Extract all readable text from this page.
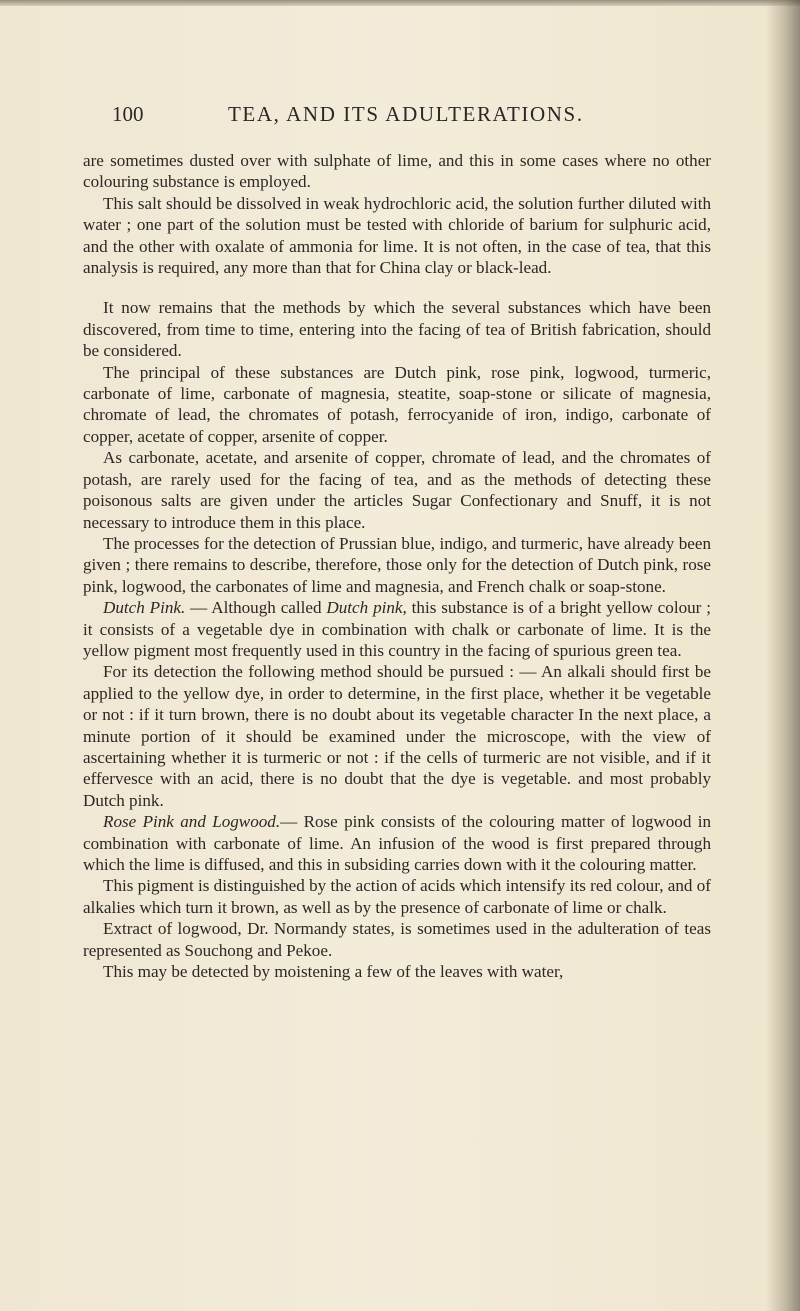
100	TEA, AND ITS ADULTERATIONS.

are sometimes dusted over with sulphate of lime, and this in some cases where no other colouring substance is employed.

This salt should be dissolved in weak hydrochloric acid, the solution further diluted with water ; one part of the solution must be tested with chloride of barium for sulphuric acid, and the other with oxalate of ammonia for lime. It is not often, in the case of tea, that this analysis is required, any more than that for China clay or black-lead.

It now remains that the methods by which the several substances which have been discovered, from time to time, entering into the facing of tea of British fabrication, should be considered.

The principal of these substances are Dutch pink, rose pink, logwood, turmeric, carbonate of lime, carbonate of magnesia, steatite, soap-stone or silicate of magnesia, chromate of lead, the chromates of potash, ferrocyanide of iron, indigo, carbonate of copper, acetate of copper, arsenite of copper.

As carbonate, acetate, and arsenite of copper, chromate of lead, and the chromates of potash, are rarely used for the facing of tea, and as the methods of detecting these poisonous salts are given under the articles Sugar Confectionary and Snuff, it is not necessary to introduce them in this place.

The processes for the detection of Prussian blue, indigo, and turmeric, have already been given ; there remains to describe, therefore, those only for the detection of Dutch pink, rose pink, logwood, the carbonates of lime and magnesia, and French chalk or soap-stone.

Dutch Pink. — Although called Dutch pink, this substance is of a bright yellow colour ; it consists of a vegetable dye in combination with chalk or carbonate of lime. It is the yellow pigment most frequently used in this country in the facing of spurious green tea.

For its detection the following method should be pursued : — An alkali should first be applied to the yellow dye, in order to determine, in the first place, whether it be vegetable or not : if it turn brown, there is no doubt about its vegetable character In the next place, a minute portion of it should be examined under the microscope, with the view of ascertaining whether it is turmeric or not : if the cells of turmeric are not visible, and if it effervesce with an acid, there is no doubt that the dye is vegetable. and most probably Dutch pink.

Rose Pink and Logwood.— Rose pink consists of the colouring matter of logwood in combination with carbonate of lime. An infusion of the wood is first prepared through which the lime is diffused, and this in subsiding carries down with it the colouring matter.

This pigment is distinguished by the action of acids which intensify its red colour, and of alkalies which turn it brown, as well as by the presence of carbonate of lime or chalk.

Extract of logwood, Dr. Normandy states, is sometimes used in the adulteration of teas represented as Souchong and Pekoe.

This may be detected by moistening a few of the leaves with water,
